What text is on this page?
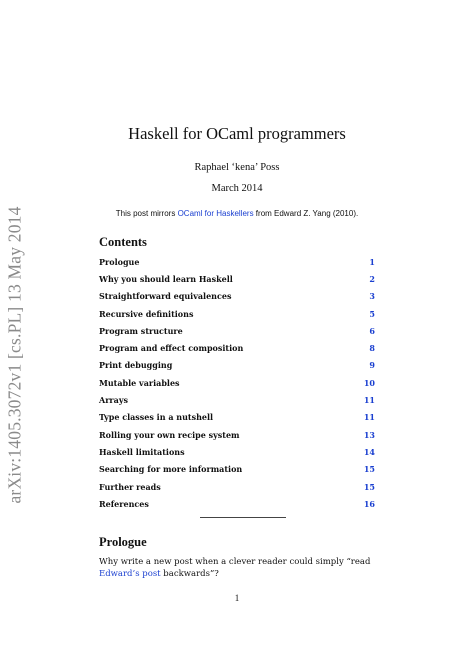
arXiv:1405.3072v1 [cs.PL] 13 May 2014
Haskell for OCaml programmers
Raphael ‘kena’ Poss
March 2014
This post mirrors OCaml for Haskellers from Edward Z. Yang (2010).
Contents
Prologue	1
Why you should learn Haskell	2
Straightforward equivalences	3
Recursive definitions	5
Program structure	6
Program and effect composition	8
Print debugging	9
Mutable variables	10
Arrays	11
Type classes in a nutshell	11
Rolling your own recipe system	13
Haskell limitations	14
Searching for more information	15
Further reads	15
References	16
Prologue
Why write a new post when a clever reader could simply “read Edward’s post backwards”?
1
